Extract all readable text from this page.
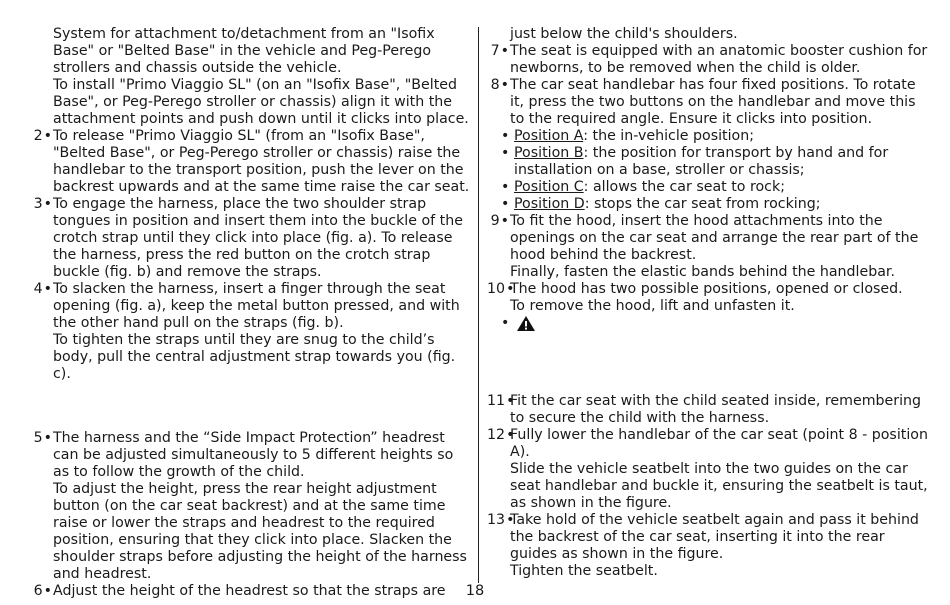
System for attachment to/detachment from an "Isofix Base" or "Belted Base" in the vehicle and Peg-Perego strollers and chassis outside the vehicle.

To install "Primo Viaggio SL" (on an "Isofix Base", "Belted Base", or Peg-Perego stroller or chassis) align it with the attachment points and push down until it clicks into place.

2 • To release "Primo Viaggio SL" (from an "Isofix Base", "Belted Base", or Peg-Perego stroller or chassis) raise the handlebar to the transport position, push the lever on the backrest upwards and at the same time raise the car seat.

3 • To engage the harness, place the two shoulder strap tongues in position and insert them into the buckle of the crotch strap until they click into place (fig. a). To release the harness, press the red button on the crotch strap buckle (fig. b) and remove the straps.

4 • To slacken the harness, insert a finger through the seat opening (fig. a), keep the metal button pressed, and with the other hand pull on the straps (fig. b).

To tighten the straps until they are snug to the child’s body, pull the central adjustment strap towards you (fig. c).

5 • The harness and the “Side Impact Protection” headrest can be adjusted simultaneously to 5 different heights so as to follow the growth of the child.

To adjust the height, press the rear height adjustment button (on the car seat backrest) and at the same time raise or lower the straps and headrest to the required position, ensuring that they click into place. Slacken the shoulder straps before adjusting the height of the harness and headrest.

6 • Adjust the height of the headrest so that the straps are

just below the child's shoulders.

7 • The seat is equipped with an anatomic booster cushion for newborns, to be removed when the child is older.

8 • The car seat handlebar has four fixed positions. To rotate it, press the two buttons on the handlebar and move this to the required angle. Ensure it clicks into position.

• Position A: the in-vehicle position;
• Position B: the position for transport by hand and for installation on a base, stroller or chassis;
• Position C: allows the car seat to rock;
• Position D: stops the car seat from rocking;
9 • To fit the hood, insert the hood attachments into the openings on the car seat and arrange the rear part of the hood behind the backrest.

Finally, fasten the elastic bands behind the handlebar.

10 • The hood has two possible positions, opened or closed.

To remove the hood, lift and unfasten it.

•
11 • Fit the car seat with the child seated inside, remembering to secure the child with the harness.

12 • Fully lower the handlebar of the car seat (point 8 - position A).

Slide the vehicle seatbelt into the two guides on the car seat handlebar and buckle it, ensuring the seatbelt is taut, as shown in the figure.

13 • Take hold of the vehicle seatbelt again and pass it behind the backrest of the car seat, inserting it into the rear guides as shown in the figure.

Tighten the seatbelt.

18
